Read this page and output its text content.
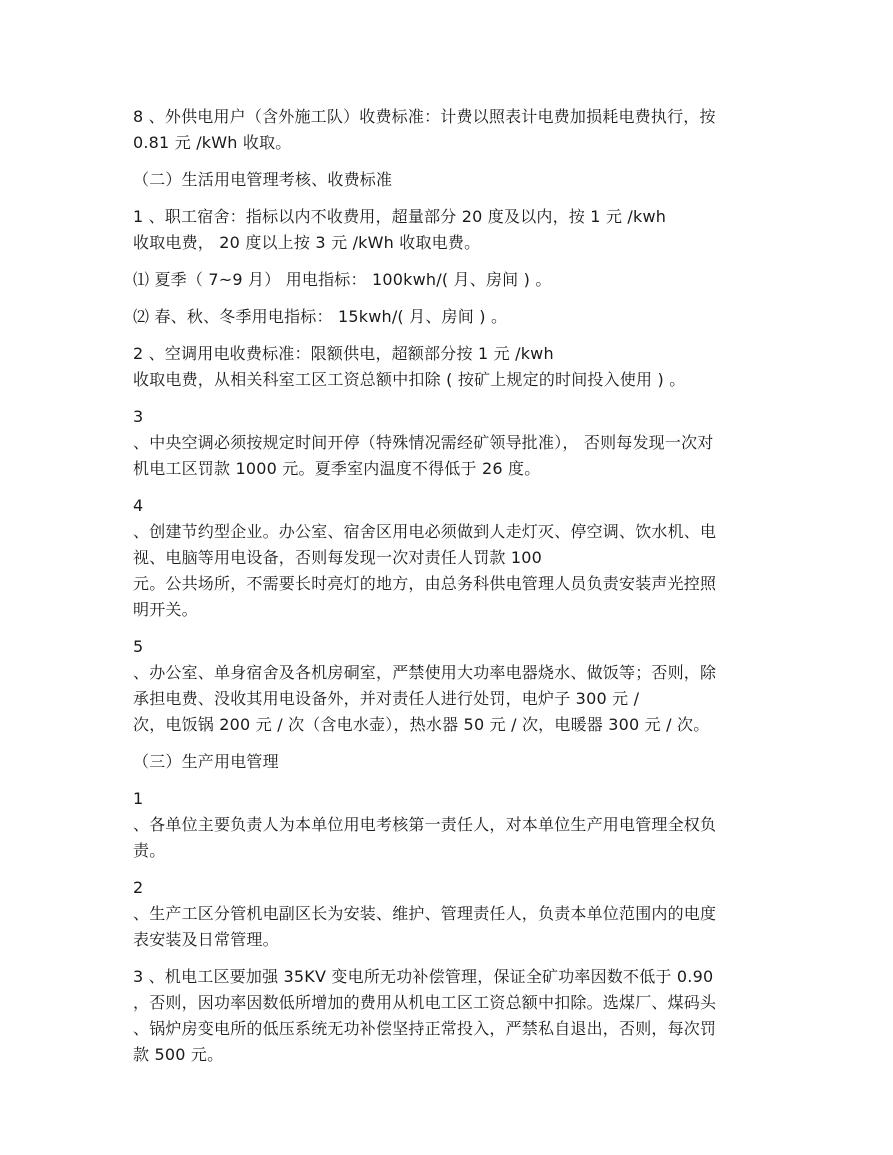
8 、外供电用户（含外施工队）收费标准：计费以照表计电费加损耗电费执行，按
0.81 元 /kWh 收取。

（二）生活用电管理考核、收费标准

1 、职工宿舍：指标以内不收费用，超量部分 20 度及以内，按 1 元 /kwh
收取电费， 20 度以上按 3 元 /kWh 收取电费。

⑴ 夏季（ 7~9 月） 用电指标： 100kwh/( 月、房间 ) 。

⑵ 春、秋、冬季用电指标： 15kwh/( 月、房间 ) 。

2 、空调用电收费标准：限额供电，超额部分按 1 元 /kwh
收取电费，从相关科室工区工资总额中扣除 ( 按矿上规定的时间投入使用 ) 。

3
、中央空调必须按规定时间开停（特殊情况需经矿领导批准）， 否则每发现一次对
机电工区罚款 1000 元。夏季室内温度不得低于 26 度。

4
、创建节约型企业。办公室、宿舍区用电必须做到人走灯灭、停空调、饮水机、电
视、电脑等用电设备，否则每发现一次对责任人罚款 100
元。公共场所，不需要长时亮灯的地方，由总务科供电管理人员负责安装声光控照
明开关。

5
、办公室、单身宿舍及各机房硐室，严禁使用大功率电器烧水、做饭等；否则，除
承担电费、没收其用电设备外，并对责任人进行处罚，电炉子 300 元 /
次，电饭锅 200 元 / 次（含电水壶），热水器 50 元 / 次，电暖器 300 元 / 次。

（三）生产用电管理

1
、各单位主要负责人为本单位用电考核第一责任人，对本单位生产用电管理全权负
责。

2
、生产工区分管机电副区长为安装、维护、管理责任人，负责本单位范围内的电度
表安装及日常管理。

3 、机电工区要加强 35KV 变电所无功补偿管理，保证全矿功率因数不低于 0.90
，否则，因功率因数低所增加的费用从机电工区工资总额中扣除。选煤厂、煤码头
、锅炉房变电所的低压系统无功补偿坚持正常投入，严禁私自退出，否则，每次罚
款 500 元。
